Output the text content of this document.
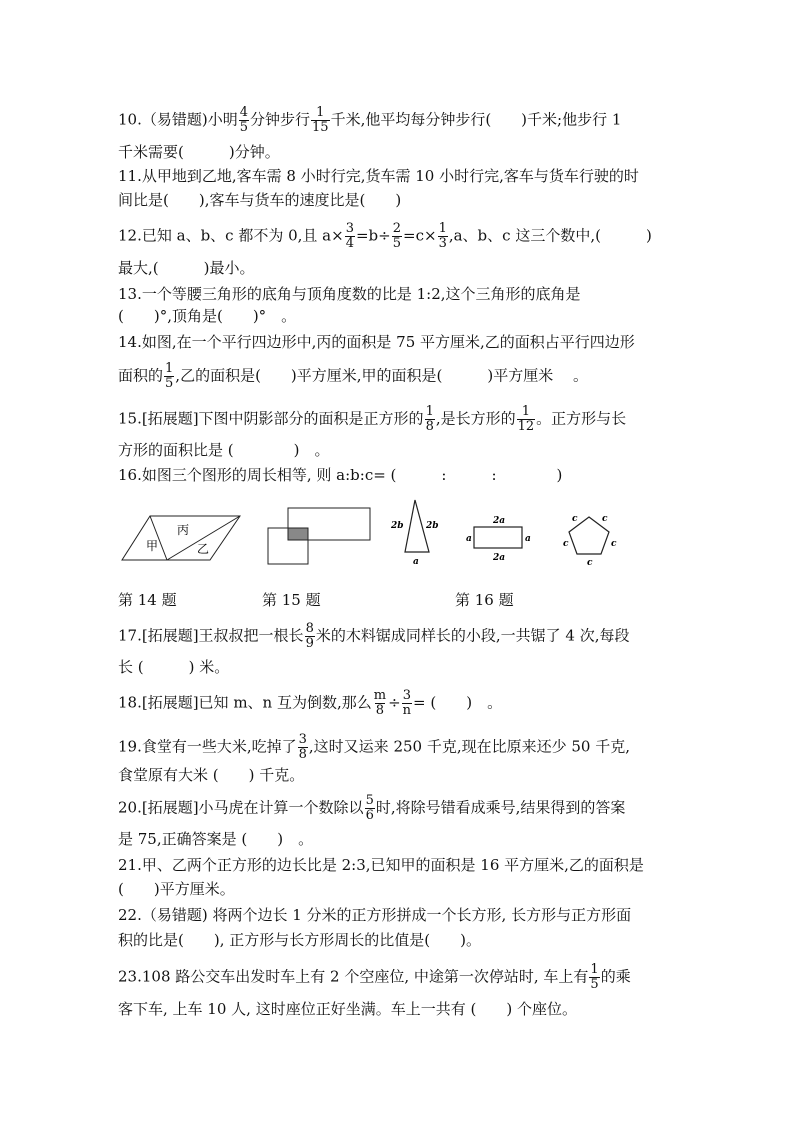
10.（易错题)小明 $\frac{4}{5}$ 分钟步行 $\frac{1}{15}$ 千米,他平均每分钟步行(　　)千米;他步行 1
千米需要(　　　)分钟。
11.从甲地到乙地,客车需 8 小时行完,货车需 10 小时行完,客车与货车行驶的时
间比是(　　),客车与货车的速度比是(　　)
12.已知 a、b、c 都不为 0,且 $a\times \frac{3}{4} =b\div \frac{2}{5} =c\times \frac{1}{3} ,a$、b、c 这三个数中,(　　　)
最大,(　　　)最小。
13.一个等腰三角形的底角与顶角度数的比是 1:2,这个三角形的底角是
(　　)°,顶角是(　　)°　。
14.如图,在一个平行四边形中,丙的面积是 75 平方厘米,乙的面积占平行四边形
面积的 $\frac{1}{5}$ ,乙的面积是(　　)平方厘米,甲的面积是(　　　)平方厘米　 。
15.[拓展题]下图中阴影部分的面积是正方形的 $\frac{1}{8}$ ,是长方形的 $\frac{1}{12}$ 。正方形与长
方形的面积比是 (　　　　)　。
16.如图三个图形的周长相等, 则 a:b:c= (　　　:　　　:　　　　)
甲
丙
乙
2b 2b
a
2a
a	a
2a
c	c
c	c
c
第 14 题	第 15 题	第 16 题
17.[拓展题]王叔叔把一根长 $\frac{8}{9}$ 米的木料锯成同样长的小段,一共锯了 4 次,每段
长 (　　　) 米。
18.[拓展题]已知 m、n 互为倒数,那么 $\frac{m}{8} \div \frac{3}{n}$ = (　　)　。
19.食堂有一些大米,吃掉了 $\frac{3}{8}$ ,这时又运来 250 千克,现在比原来还少 50 千克,
食堂原有大米 (　　) 千克。
20.[拓展题]小马虎在计算一个数除以 $\frac{5}{6}$ 时,将除号错看成乘号,结果得到的答案
是 75,正确答案是 (　　)　。
21.甲、乙两个正方形的边长比是 2:3,已知甲的面积是 16 平方厘米,乙的面积是
(　　)平方厘米。
22.（易错题) 将两个边长 1 分米的正方形拼成一个长方形, 长方形与正方形面
积的比是(　　), 正方形与长方形周长的比值是(　　)。
23.108 路公交车出发时车上有 2 个空座位, 中途第一次停站时, 车上有 $\frac{1}{5}$ 的乘
客下车, 上车 10 人, 这时座位正好坐满。车上一共有 (　　) 个座位。
